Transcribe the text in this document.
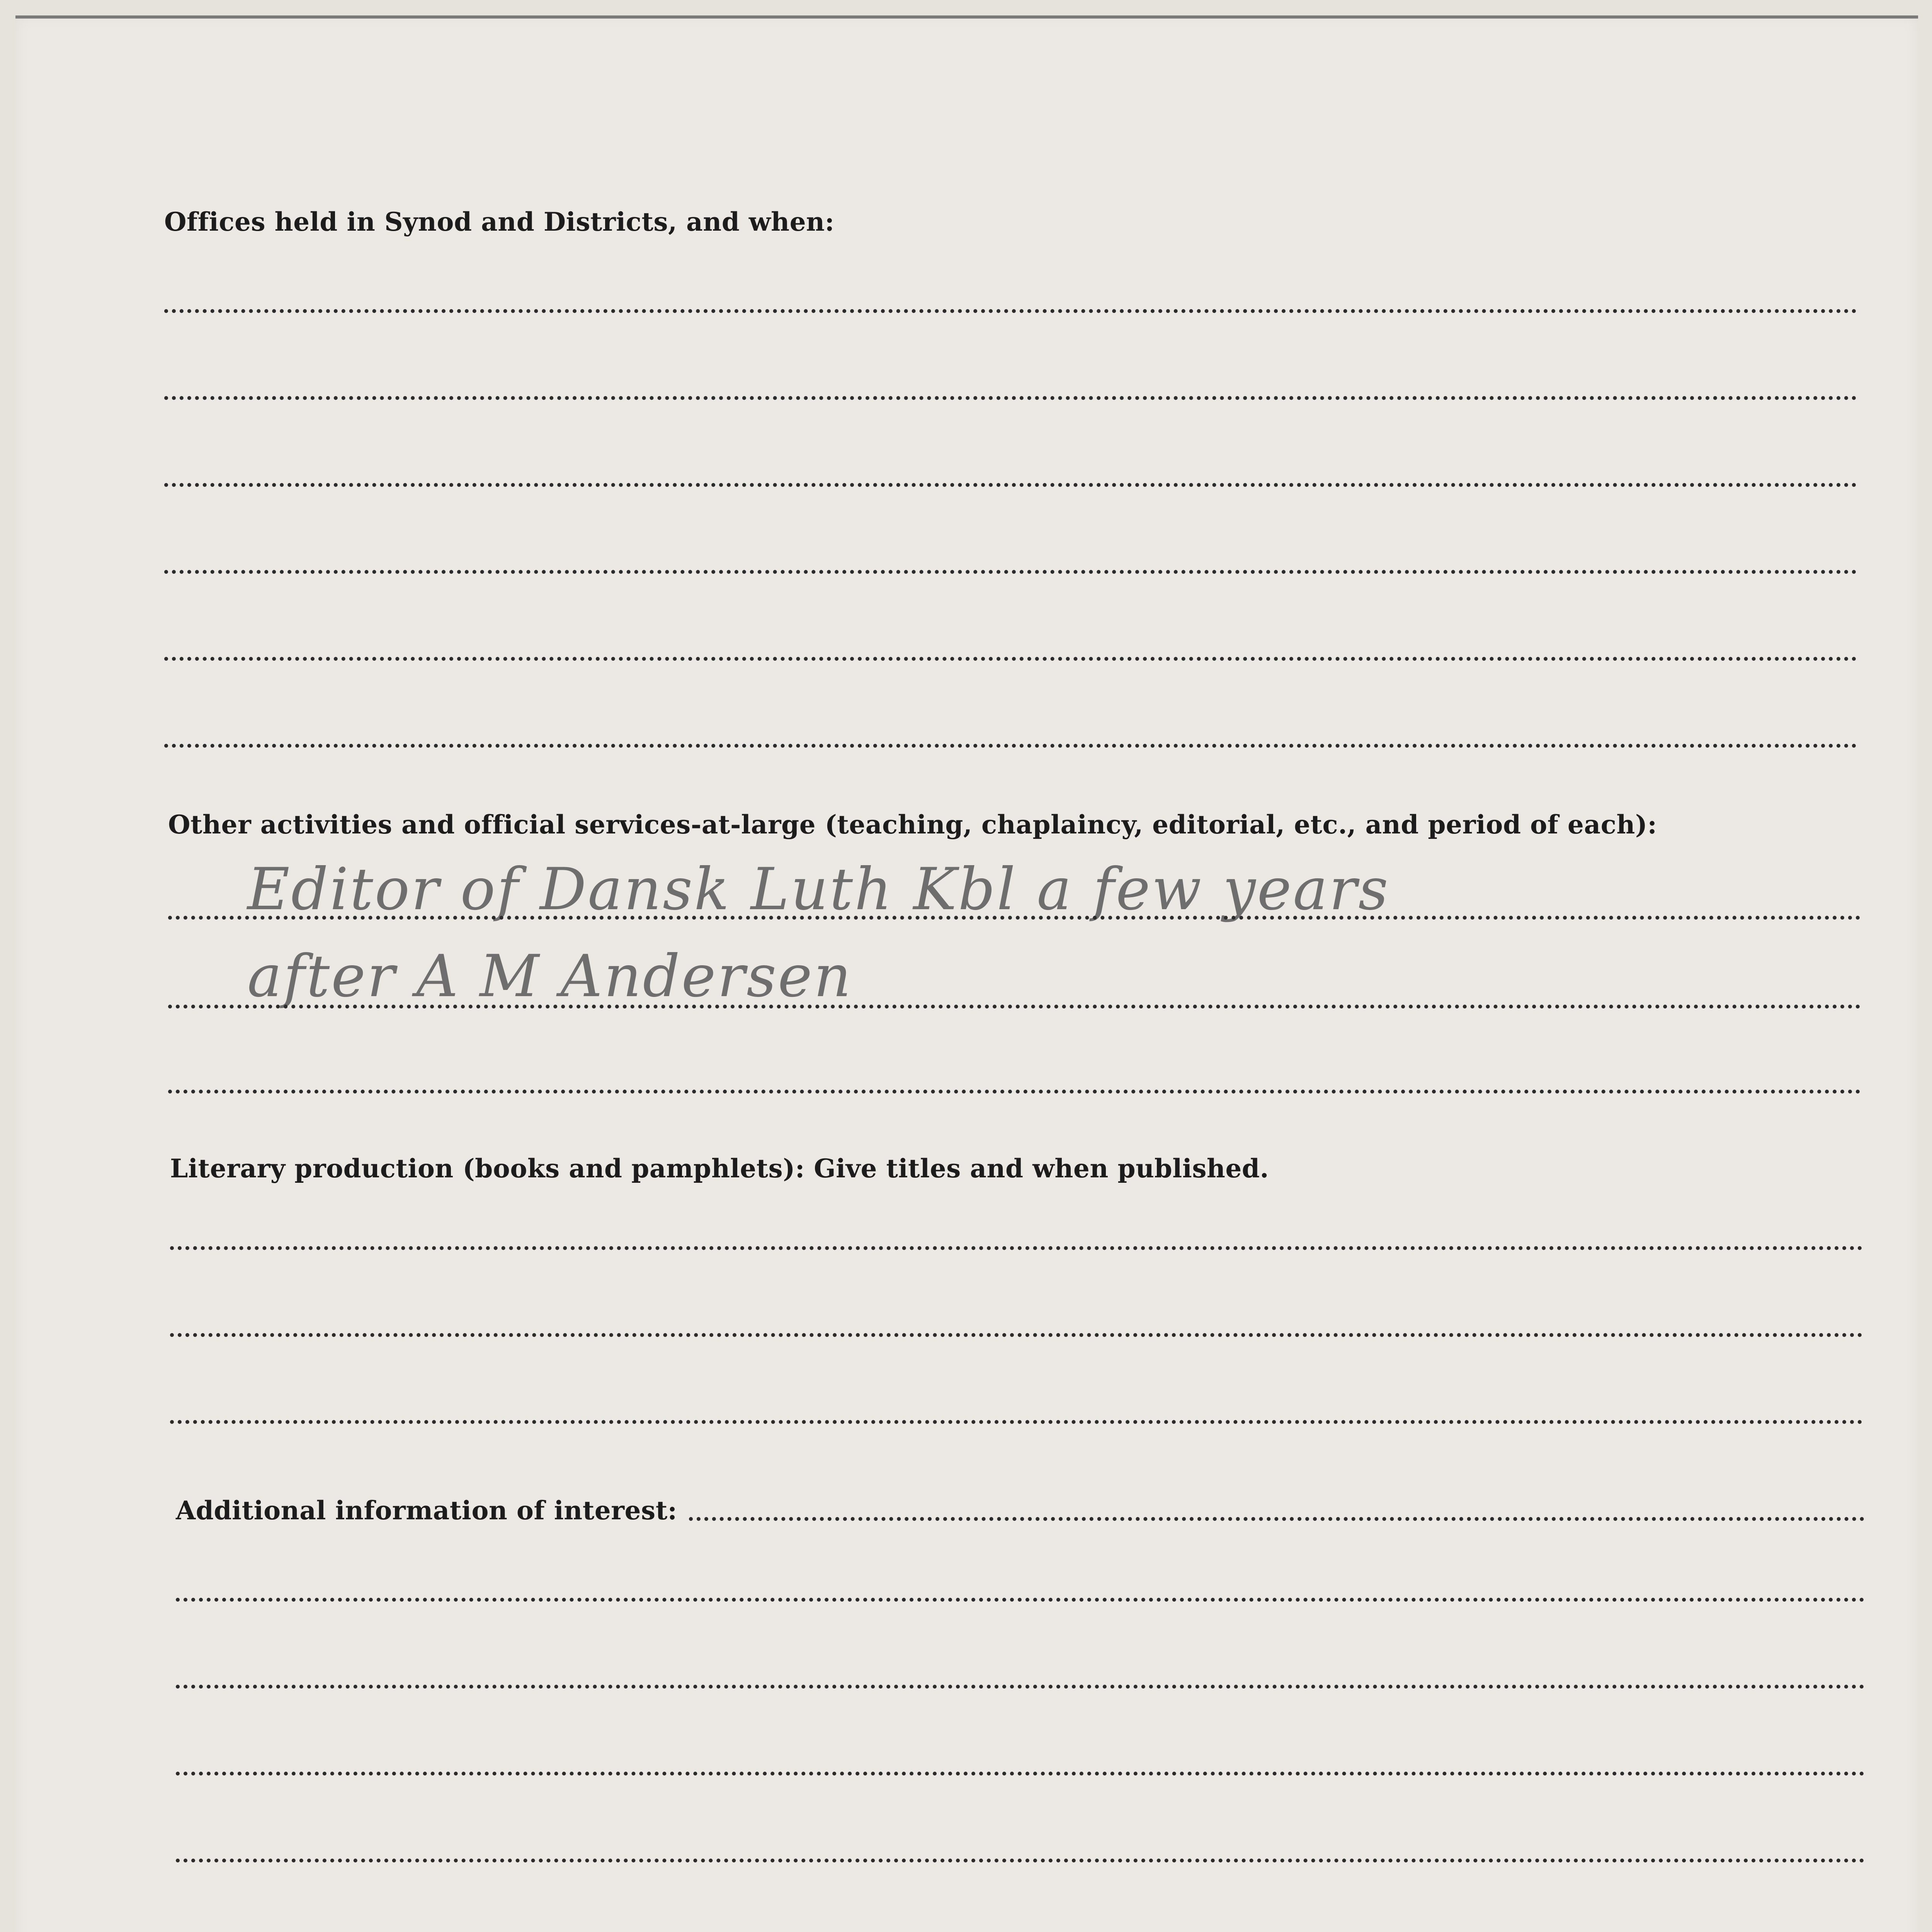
Offices held in Synod and Districts, and when:
Other activities and official services-at-large (teaching, chaplaincy, editorial, etc., and period of each):
Editor of Dansk Luth Kbl a few years
after A M Andersen
Literary production (books and pamphlets): Give titles and when published.
Additional information of interest:
